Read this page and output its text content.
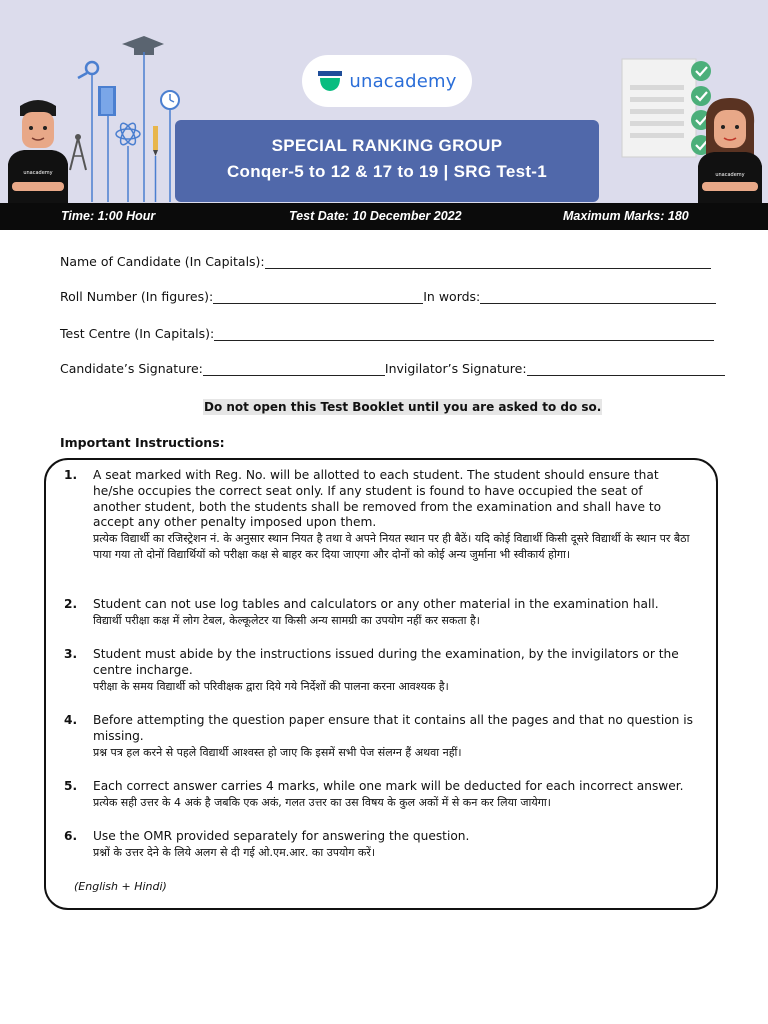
unacademy
unacademy
SPECIAL RANKING GROUP
Conqer-5 to 12 & 17 to 19 | SRG Test-1	unacademy
Time: 1:00 Hour	Test Date: 10 December 2022	Maximum Marks: 180
Name of Candidate (In Capitals):
Roll Number (In figures):	In words:
Test Centre (In Capitals):
Candidate’s Signature:	Invigilator’s Signature:
Do not open this Test Booklet until you are asked to do so.
Important Instructions:
1.	A seat marked with Reg. No. will be allotted to each student. The student should ensure that he/she occupies the correct seat only. If any student is found to have occupied the seat of another student, both the students shall be removed from the examination and shall have to accept any other penalty imposed upon them.
प्रत्येक विद्यार्थी का रजिस्ट्रेशन नं. के अनुसार स्थान नियत है तथा वे अपने नियत स्थान पर ही बैठें। यदि कोई विद्यार्थी किसी दूसरे विद्यार्थी के स्थान पर बैठा पाया गया तो दोनों विद्यार्थियों को परीक्षा कक्ष से बाहर कर दिया जाएगा और दोनों को कोई अन्य जुर्माना भी स्वीकार्य होगा।
2.	Student can not use log tables and calculators or any other material in the examination hall.
विद्यार्थी परीक्षा कक्ष में लोग टेबल, केल्कूलेटर या किसी अन्य सामग्री का उपयोग नहीं कर सकता है।
3.	Student must abide by the instructions issued during the examination, by the invigilators or the centre incharge.
परीक्षा के समय विद्यार्थी को परिवीक्षक द्वारा दिये गये निर्देशों की पालना करना आवश्यक है।
4.	Before attempting the question paper ensure that it contains all the pages and that no question is missing.
प्रश्न पत्र हल करने से पहले विद्यार्थी आश्वस्त हो जाए कि इसमें सभी पेज संलग्न हैं अथवा नहीं।
5.	Each correct answer carries 4 marks, while one mark will be deducted for each incorrect answer.
प्रत्येक सही उत्तर के 4 अकं है जबकि एक अकं, गलत उत्तर का उस विषय के कुल अकों में से कन कर लिया जायेगा।
6.	Use the OMR provided separately for answering the question.
प्रश्नों के उत्तर देने के लिये अलग से दी गई ओ.एम.आर. का उपयोग करें।
(English + Hindi)
